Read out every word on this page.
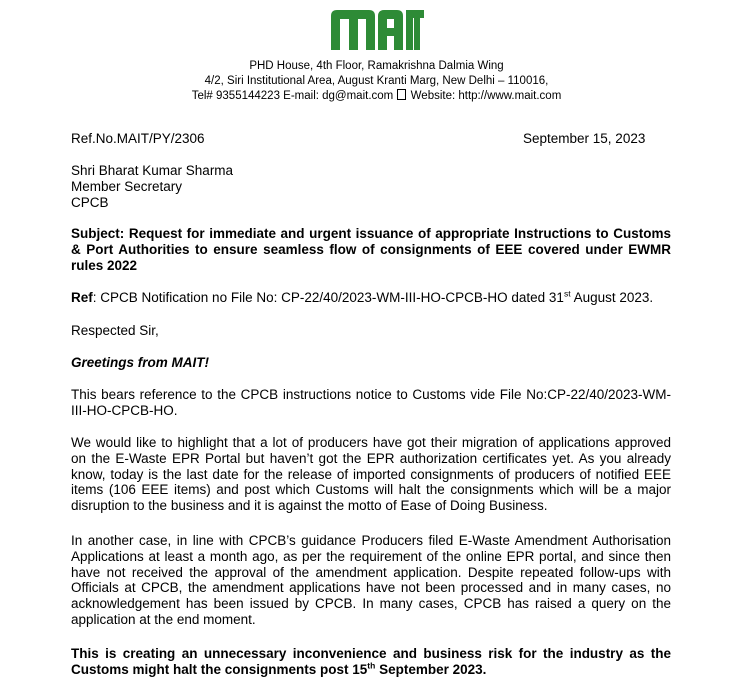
PHD House, 4th Floor, Ramakrishna Dalmia Wing
4/2, Siri Institutional Area, August Kranti Marg, New Delhi – 110016,
Tel# 9355144223 E-mail: dg@mait.com Website: http://www.mait.com
Ref.No.MAIT/PY/2306	September 15, 2023
Shri Bharat Kumar Sharma
Member Secretary
CPCB
Subject: Request for immediate and urgent issuance of appropriate Instructions to Customs & Port Authorities to ensure seamless flow of consignments of EEE covered under EWMR rules 2022
Ref: CPCB Notification no File No: CP-22/40/2023-WM-III-HO-CPCB-HO dated 31st August 2023.
Respected Sir,
Greetings from MAIT!
This bears reference to the CPCB instructions notice to Customs vide File No:CP-22/40/2023-WM-III-HO-CPCB-HO.
We would like to highlight that a lot of producers have got their migration of applications approved on the E-Waste EPR Portal but haven’t got the EPR authorization certificates yet. As you already know, today is the last date for the release of imported consignments of producers of notified EEE items (106 EEE items) and post which Customs will halt the consignments which will be a major disruption to the business and it is against the motto of Ease of Doing Business.
In another case, in line with CPCB’s guidance Producers filed E-Waste Amendment Authorisation Applications at least a month ago, as per the requirement of the online EPR portal, and since then have not received the approval of the amendment application. Despite repeated follow-ups with Officials at CPCB, the amendment applications have not been processed and in many cases, no acknowledgement has been issued by CPCB. In many cases, CPCB has raised a query on the application at the end moment.
This is creating an unnecessary inconvenience and business risk for the industry as the Customs might halt the consignments post 15th September 2023.
